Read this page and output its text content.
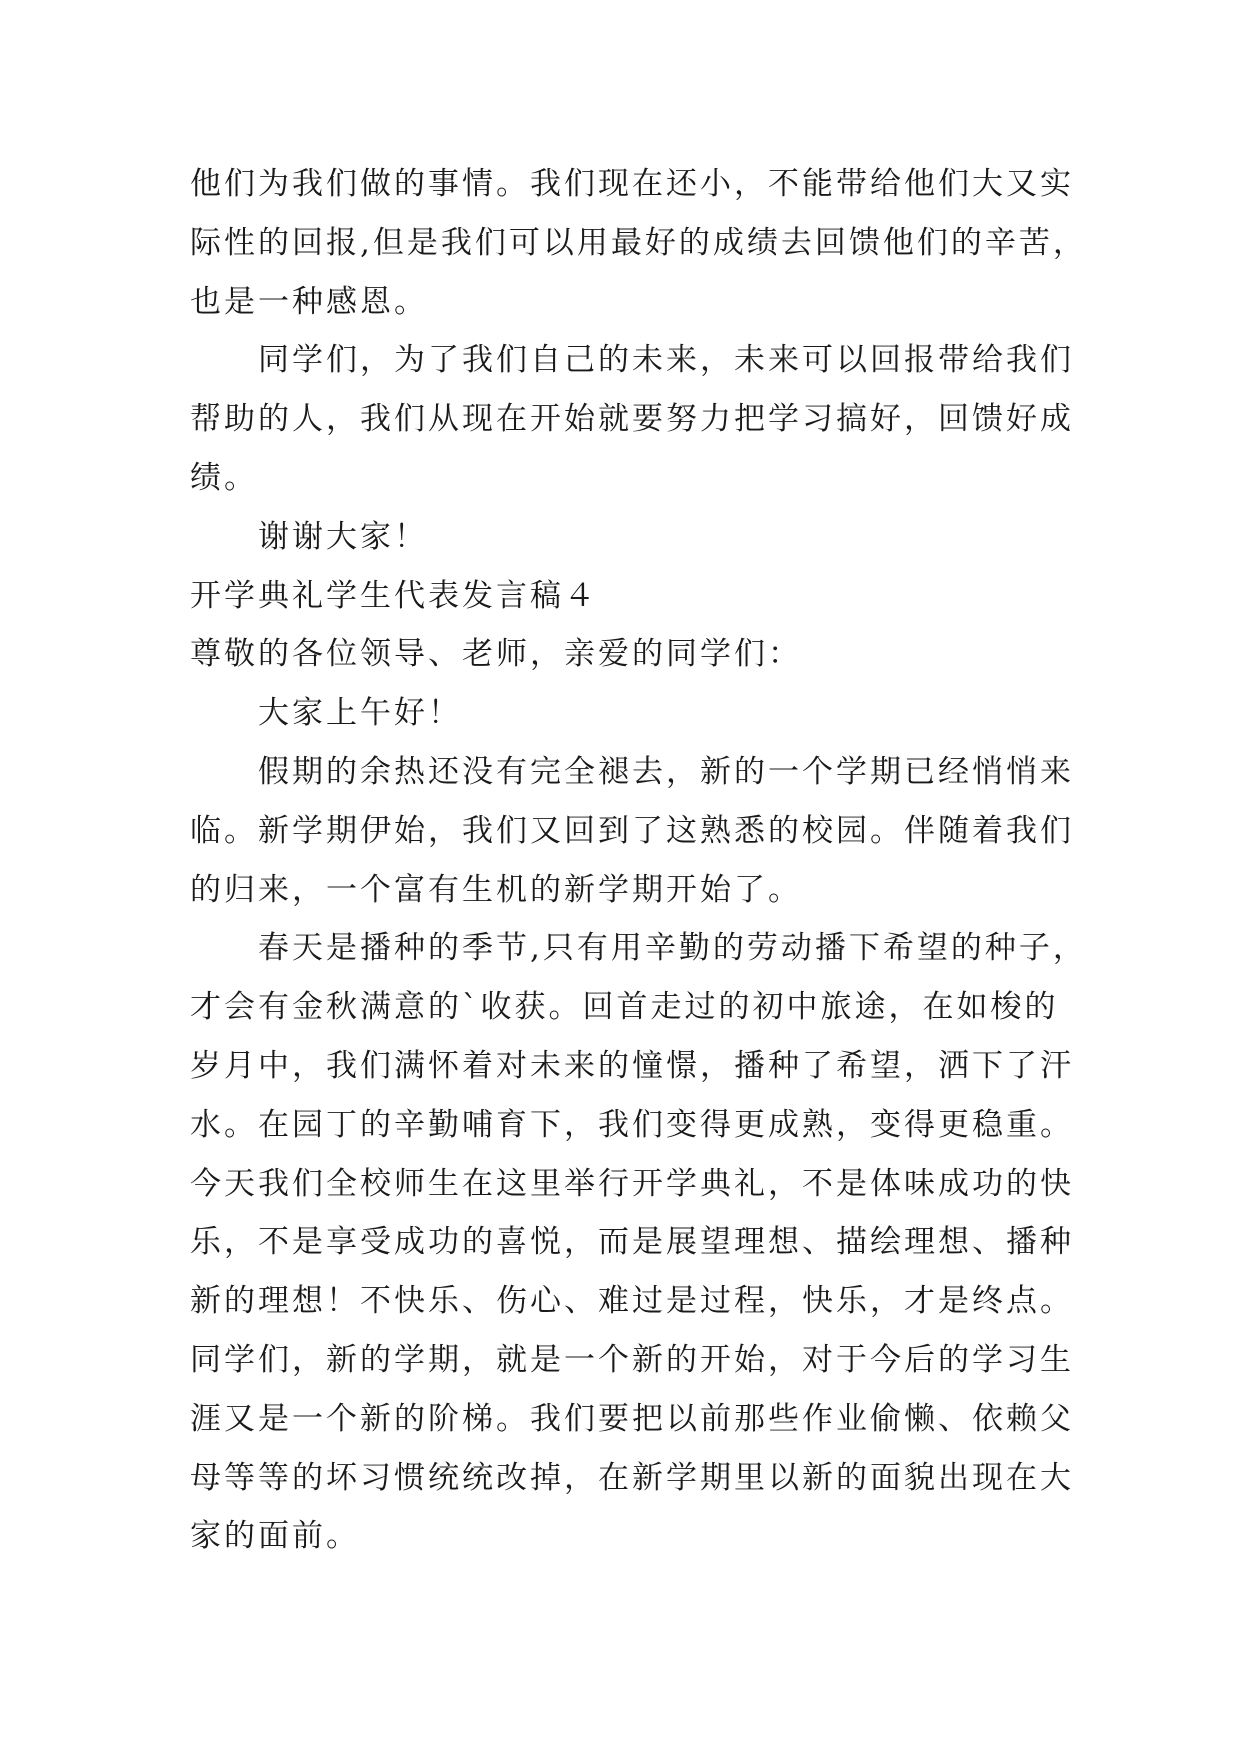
他们为我们做的事情。我们现在还小，不能带给他们大又实
际性的回报,但是我们可以用最好的成绩去回馈他们的辛苦，
也是一种感恩。
同学们，为了我们自己的未来，未来可以回报带给我们
帮助的人，我们从现在开始就要努力把学习搞好，回馈好成
绩。
谢谢大家！
开学典礼学生代表发言稿４
尊敬的各位领导、老师，亲爱的同学们：
大家上午好！
假期的余热还没有完全褪去，新的一个学期已经悄悄来
临。新学期伊始，我们又回到了这熟悉的校园。伴随着我们
的归来，一个富有生机的新学期开始了。
春天是播种的季节,只有用辛勤的劳动播下希望的种子，
才会有金秋满意的`收获。回首走过的初中旅途，在如梭的
岁月中，我们满怀着对未来的憧憬，播种了希望，洒下了汗
水。在园丁的辛勤哺育下，我们变得更成熟，变得更稳重。
今天我们全校师生在这里举行开学典礼，不是体味成功的快
乐，不是享受成功的喜悦，而是展望理想、描绘理想、播种
新的理想！不快乐、伤心、难过是过程，快乐，才是终点。
同学们，新的学期，就是一个新的开始，对于今后的学习生
涯又是一个新的阶梯。我们要把以前那些作业偷懒、依赖父
母等等的坏习惯统统改掉，在新学期里以新的面貌出现在大
家的面前。
